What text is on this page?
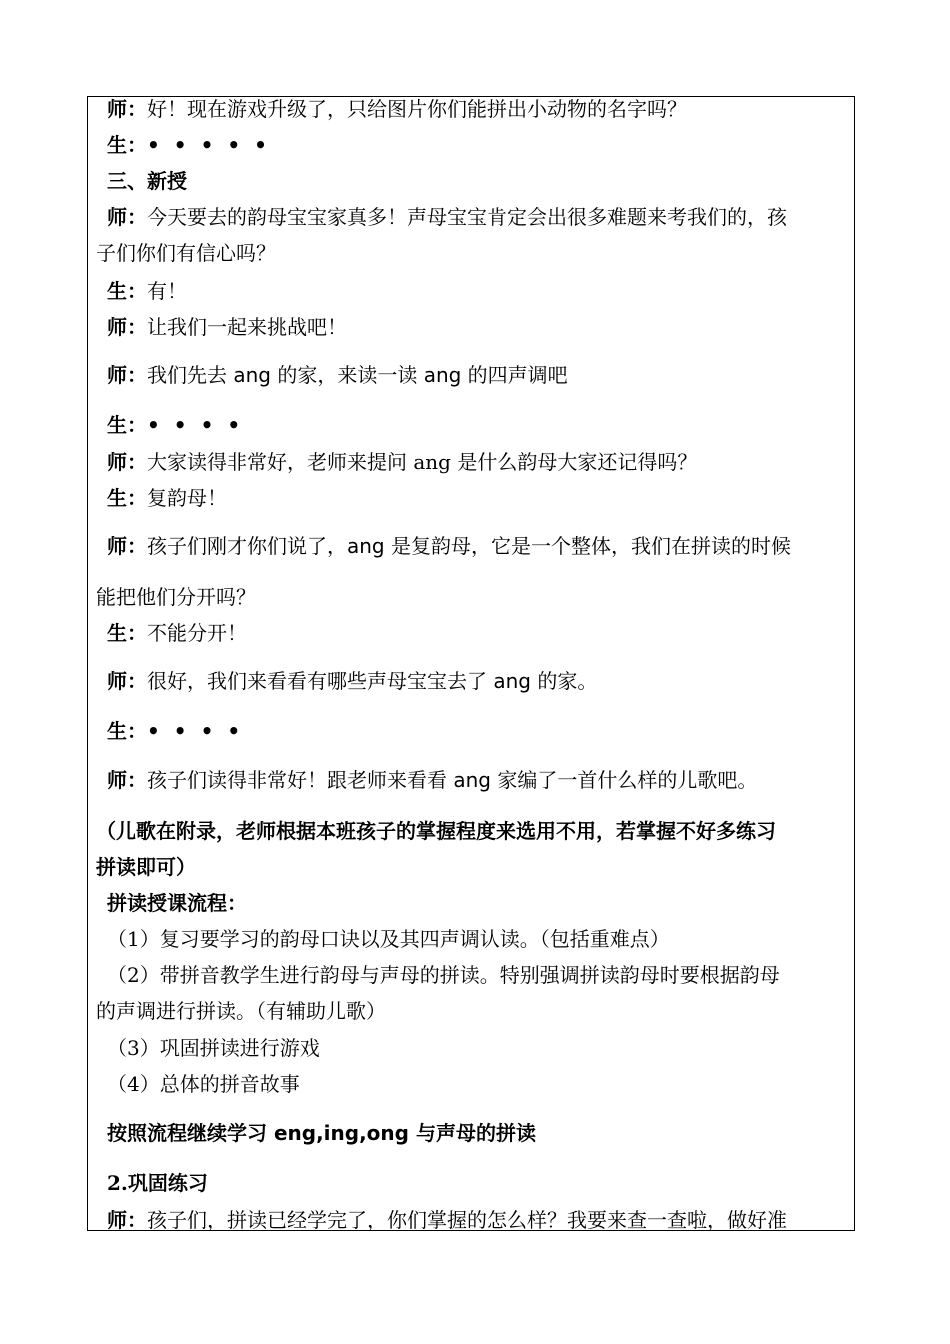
师：好！现在游戏升级了，只给图片你们能拼出小动物的名字吗？
生：•••••
三、新授
师：今天要去的韵母宝宝家真多！声母宝宝肯定会出很多难题来考我们的，孩
子们你们有信心吗？
生：有！
师：让我们一起来挑战吧！
师：我们先去 ang 的家，来读一读 ang 的四声调吧
生：••••
师：大家读得非常好，老师来提问 ang 是什么韵母大家还记得吗？
生：复韵母！
师：孩子们刚才你们说了，ang 是复韵母，它是一个整体，我们在拼读的时候
能把他们分开吗？
生：不能分开！
师：很好，我们来看看有哪些声母宝宝去了 ang 的家。
生：••••
师：孩子们读得非常好！跟老师来看看 ang 家编了一首什么样的儿歌吧。
（儿歌在附录，老师根据本班孩子的掌握程度来选用不用，若掌握不好多练习
拼读即可）
拼读授课流程：
（1）复习要学习的韵母口诀以及其四声调认读。（包括重难点）
（2）带拼音教学生进行韵母与声母的拼读。特别强调拼读韵母时要根据韵母
的声调进行拼读。（有辅助儿歌）
（3）巩固拼读进行游戏
（4）总体的拼音故事
按照流程继续学习 eng,ing,ong 与声母的拼读
2.巩固练习
师：孩子们，拼读已经学完了，你们掌握的怎么样？我要来查一查啦，做好准
